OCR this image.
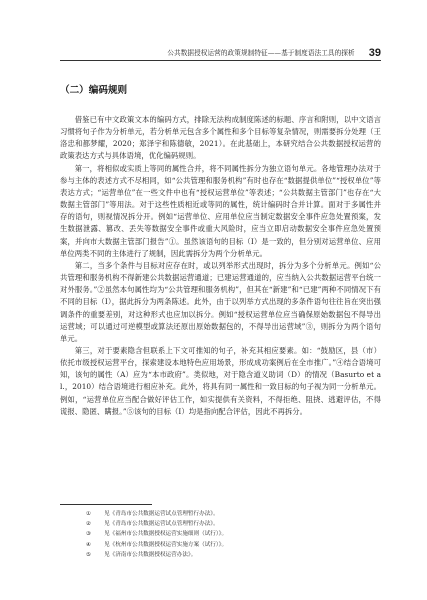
公共数据授权运营的政策规制特征——基于制度语法工具的探析 39
（二）编码规则

借鉴已有中文政策文本的编码方式，排除无法构成制度陈述的标题、序言和附则，以中文语言习惯将句子作为分析单元，若分析单元包含多个属性和多个目标等复杂情况，则需要拆分处理（王洛忠和都梦耀，2020；郑泽宇和陈德敏，2021）。在此基础上，本研究结合公共数据授权运营的政策表达方式与具体语境，优化编码规则。

第一，将相似或实质上等同的属性合并，将不同属性拆分为独立语句单元。各地管理办法对于参与主体的表述方式不尽相同，如“公共管理和服务机构”有时也存在“数据提供单位”“授权单位”等表达方式；“运营单位”在一些文件中也有“授权运营单位”等表述；“公共数据主管部门”也存在“大数据主管部门”等用法。对于这些性质相近或等同的属性，统计编码时合并计算。面对于多属性并存的语句，则视情况拆分开。例如“运营单位、应用单位应当制定数据安全事件应急处置预案，发生数据泄露、篡改、丢失等数据安全事件或重大风险时，应当立即启动数据安全事件应急处置预案，并向市大数据主管部门报告”①。虽然该语句的目标（I）是一致的，但分别对运营单位、应用单位两类不同的主体进行了规制，因此需拆分为两个分析单元。

第二，当多个条件与目标对应存在时，或以列举形式出现时，拆分为多个分析单元。例如“公共管理和服务机构不得新建公共数据运营通道；已建运营通道的，应当纳入公共数据运营平台统一对外服务。”②虽然本句属性均为“公共管理和服务机构”，但其在“新建”和“已建”两种不同情况下有不同的目标（I），据此拆分为两条陈述。此外，由于以列举方式出现的多条件语句往往旨在突出强调条件的重要差别，对这种形式也应加以拆分。例如“授权运营单位应当确保原始数据包不得导出运营域；可以通过可逆模型或算法还原出原始数据包的，不得导出运营域”③，则拆分为两个语句单元。

第三，对于要素隐含但联系上下文可推知的句子，补充其相应要素。如：“鼓励区，县（市）依托市级授权运营平台，探索建设本地特色应用场景，形成成功案例后在全市推广。”④结合语境可知，该句的属性（A）应为“本市政府”。类似地，对于隐含道义助词（D）的情况（Basurto et al.，2010）结合语境进行相应补充。此外，将具有同一属性和一致目标的句子视为同一分析单元。例如，“运营单位应当配合做好评估工作，如实提供有关资料，不得拒绝、阻挠、逃避评估，不得谎报、隐匿、瞒报。”⑤该句的目标（I）均是指向配合评估，因此不再拆分。

①	见《青岛市公共数据运营试点管理暂行办法》。
②	见《青岛市公共数据运营试点管理暂行办法》。
③	见《福州市公共数据授权运营实施细则（试行）》。
④	见《杭州市公共数据授权运营实施方案（试行）》。
⑤	见《济南市公共数据授权运营办法》。
